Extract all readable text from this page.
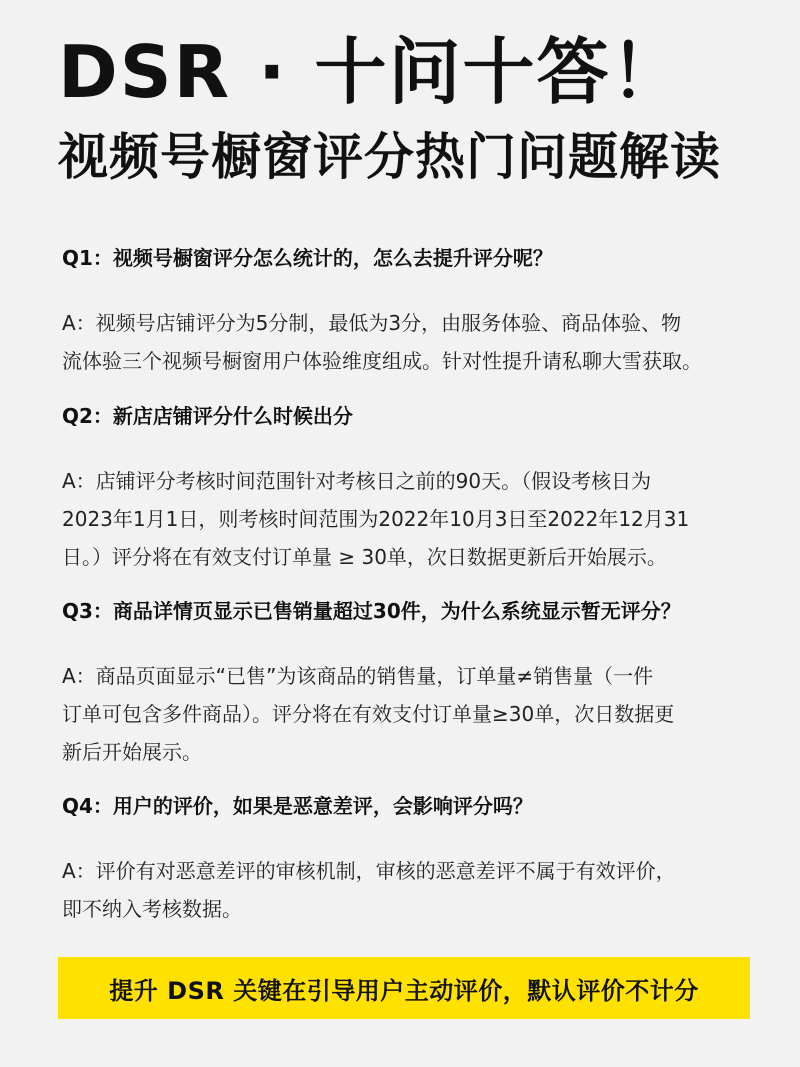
DSR · 十问十答！
视频号橱窗评分热门问题解读
Q1：视频号橱窗评分怎么统计的，怎么去提升评分呢？
A：视频号店铺评分为5分制，最低为3分，由服务体验、商品体验、物
流体验三个视频号橱窗用户体验维度组成。针对性提升请私聊大雪获取。
Q2：新店店铺评分什么时候出分
A：店铺评分考核时间范围针对考核日之前的90天。（假设考核日为
2023年1月1日，则考核时间范围为2022年10月3日至2022年12月31
日。）评分将在有效支付订单量 ≥ 30单，次日数据更新后开始展示。
Q3：商品详情页显示已售销量超过30件，为什么系统显示暂无评分？
A：商品页面显示“已售”为该商品的销售量，订单量≠销售量（一件
订单可包含多件商品）。评分将在有效支付订单量≥30单，次日数据更
新后开始展示。
Q4：用户的评价，如果是恶意差评，会影响评分吗？
A：评价有对恶意差评的审核机制，审核的恶意差评不属于有效评价，
即不纳入考核数据。
提升 DSR 关键在引导用户主动评价，默认评价不计分
